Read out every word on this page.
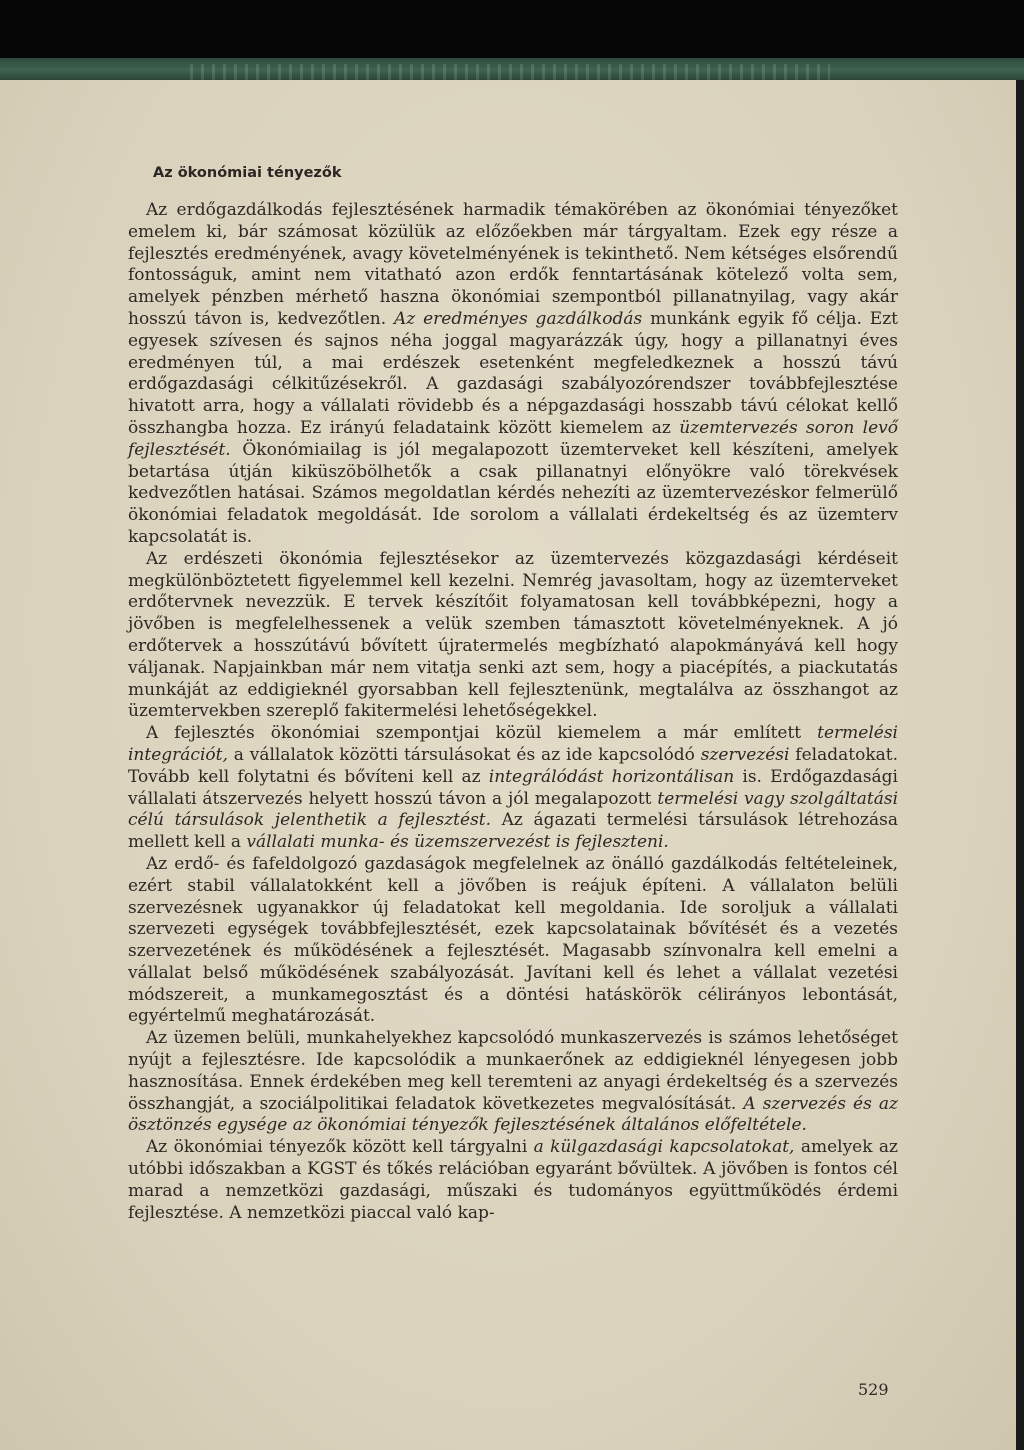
Az ökonómiai tényezők

Az erdőgazdálkodás fejlesztésének harmadik témakörében az ökonómiai tényezőket emelem ki, bár számosat közülük az előzőekben már tárgyaltam. Ezek egy része a fejlesztés eredményének, avagy követelményének is tekinthető. Nem kétséges elsőrendű fontosságuk, amint nem vitatható azon erdők fenntartásának kötelező volta sem, amelyek pénzben mérhető haszna ökonómiai szempontból pillanatnyilag, vagy akár hosszú távon is, kedvezőtlen. Az eredményes gazdálkodás munkánk egyik fő célja. Ezt egyesek szívesen és sajnos néha joggal magyarázzák úgy, hogy a pillanatnyi éves eredményen túl, a mai erdészek esetenként megfeledkeznek a hosszú távú erdőgazdasági célkitűzésekről. A gazdasági szabályozórendszer továbbfejlesztése hivatott arra, hogy a vállalati rövidebb és a népgazdasági hosszabb távú célokat kellő összhangba hozza. Ez irányú feladataink között kiemelem az üzemtervezés soron levő fejlesztését. Ökonómiailag is jól megalapozott üzemterveket kell készíteni, amelyek betartása útján kiküszöbölhetők a csak pillanatnyi előnyökre való törekvések kedvezőtlen hatásai. Számos megoldatlan kérdés nehezíti az üzemtervezéskor felmerülő ökonómiai feladatok megoldását. Ide sorolom a vállalati érdekeltség és az üzemterv kapcsolatát is.

Az erdészeti ökonómia fejlesztésekor az üzemtervezés közgazdasági kérdéseit megkülönböztetett figyelemmel kell kezelni. Nemrég javasoltam, hogy az üzemterveket erdőtervnek nevezzük. E tervek készítőit folyamatosan kell továbbképezni, hogy a jövőben is megfelelhessenek a velük szemben támasztott követelményeknek. A jó erdőtervek a hosszútávú bővített újratermelés megbízható alapokmányává kell hogy váljanak. Napjainkban már nem vitatja senki azt sem, hogy a piacépítés, a piackutatás munkáját az eddigieknél gyorsabban kell fejlesztenünk, megtalálva az összhangot az üzemtervekben szereplő fakitermelési lehetőségekkel.

A fejlesztés ökonómiai szempontjai közül kiemelem a már említett termelési integrációt, a vállalatok közötti társulásokat és az ide kapcsolódó szervezési feladatokat. Tovább kell folytatni és bővíteni kell az integrálódást horizontálisan is. Erdőgazdasági vállalati átszervezés helyett hosszú távon a jól megalapozott termelési vagy szolgáltatási célú társulások jelenthetik a fejlesztést. Az ágazati termelési társulások létrehozása mellett kell a vállalati munka- és üzemszervezést is fejleszteni.

Az erdő- és fafeldolgozó gazdaságok megfelelnek az önálló gazdálkodás feltételeinek, ezért stabil vállalatokként kell a jövőben is reájuk építeni. A vállalaton belüli szervezésnek ugyanakkor új feladatokat kell megoldania. Ide soroljuk a vállalati szervezeti egységek továbbfejlesztését, ezek kapcsolatainak bővítését és a vezetés szervezetének és működésének a fejlesztését. Magasabb színvonalra kell emelni a vállalat belső működésének szabályozását. Javítani kell és lehet a vállalat vezetési módszereit, a munkamegosztást és a döntési hatáskörök célirányos lebontását, egyértelmű meghatározását.

Az üzemen belüli, munkahelyekhez kapcsolódó munkaszervezés is számos lehetőséget nyújt a fejlesztésre. Ide kapcsolódik a munkaerőnek az eddigieknél lényegesen jobb hasznosítása. Ennek érdekében meg kell teremteni az anyagi érdekeltség és a szervezés összhangját, a szociálpolitikai feladatok következetes megvalósítását. A szervezés és az ösztönzés egysége az ökonómiai tényezők fejlesztésének általános előfeltétele.

Az ökonómiai tényezők között kell tárgyalni a külgazdasági kapcsolatokat, amelyek az utóbbi időszakban a KGST és tőkés relációban egyaránt bővültek. A jövőben is fontos cél marad a nemzetközi gazdasági, műszaki és tudományos együttműködés érdemi fejlesztése. A nemzetközi piaccal való kap-

529
